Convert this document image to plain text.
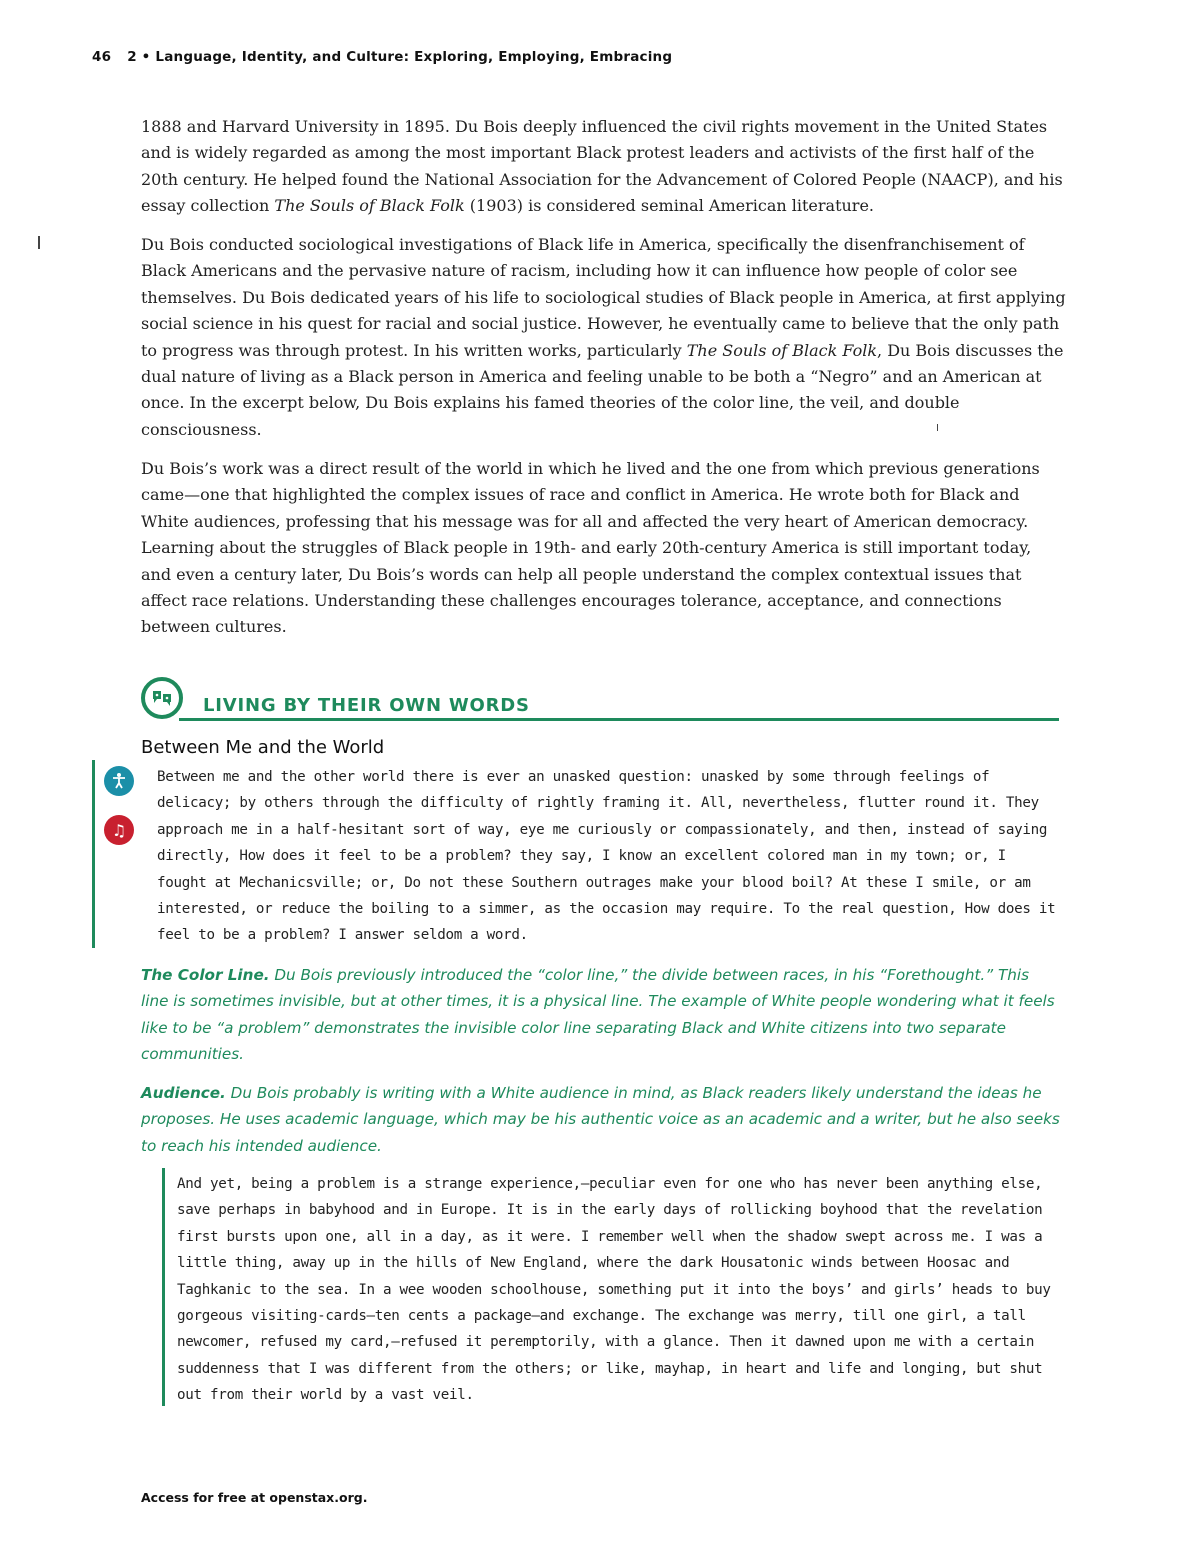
46 2 • Language, Identity, and Culture: Exploring, Employing, Embracing

1888 and Harvard University in 1895. Du Bois deeply influenced the civil rights movement in the United States and is widely regarded as among the most important Black protest leaders and activists of the first half of the 20th century. He helped found the National Association for the Advancement of Colored People (NAACP), and his essay collection The Souls of Black Folk (1903) is considered seminal American literature.

Du Bois conducted sociological investigations of Black life in America, specifically the disenfranchisement of Black Americans and the pervasive nature of racism, including how it can influence how people of color see themselves. Du Bois dedicated years of his life to sociological studies of Black people in America, at first applying social science in his quest for racial and social justice. However, he eventually came to believe that the only path to progress was through protest. In his written works, particularly The Souls of Black Folk, Du Bois discusses the dual nature of living as a Black person in America and feeling unable to be both a “Negro” and an American at once. In the excerpt below, Du Bois explains his famed theories of the color line, the veil, and double consciousness.

Du Bois’s work was a direct result of the world in which he lived and the one from which previous generations came—one that highlighted the complex issues of race and conflict in America. He wrote both for Black and White audiences, professing that his message was for all and affected the very heart of American democracy. Learning about the struggles of Black people in 19th- and early 20th-century America is still important today, and even a century later, Du Bois’s words can help all people understand the complex contextual issues that affect race relations. Understanding these challenges encourages tolerance, acceptance, and connections between cultures.

LIVING BY THEIR OWN WORDS
Between Me and the World
♫

Between me and the other world there is ever an unasked question: unasked by some through feelings of delicacy; by others through the difficulty of rightly framing it. All, nevertheless, flutter round it. They approach me in a half-hesitant sort of way, eye me curiously or compassionately, and then, instead of saying directly, How does it feel to be a problem? they say, I know an excellent colored man in my town; or, I fought at Mechanicsville; or, Do not these Southern outrages make your blood boil? At these I smile, or am interested, or reduce the boiling to a simmer, as the occasion may require. To the real question, How does it feel to be a problem? I answer seldom a word.

The Color Line. Du Bois previously introduced the “color line,” the divide between races, in his “Forethought.” This line is sometimes invisible, but at other times, it is a physical line. The example of White people wondering what it feels like to be “a problem” demonstrates the invisible color line separating Black and White citizens into two separate communities.

Audience. Du Bois probably is writing with a White audience in mind, as Black readers likely understand the ideas he proposes. He uses academic language, which may be his authentic voice as an academic and a writer, but he also seeks to reach his intended audience.

And yet, being a problem is a strange experience,—peculiar even for one who has never been anything else, save perhaps in babyhood and in Europe. It is in the early days of rollicking boyhood that the revelation first bursts upon one, all in a day, as it were. I remember well when the shadow swept across me. I was a little thing, away up in the hills of New England, where the dark Housatonic winds between Hoosac and Taghkanic to the sea. In a wee wooden schoolhouse, something put it into the boys’ and girls’ heads to buy gorgeous visiting-cards—ten cents a package—and exchange. The exchange was merry, till one girl, a tall newcomer, refused my card,—refused it peremptorily, with a glance. Then it dawned upon me with a certain suddenness that I was different from the others; or like, mayhap, in heart and life and longing, but shut out from their world by a vast veil.

Access for free at openstax.org.
